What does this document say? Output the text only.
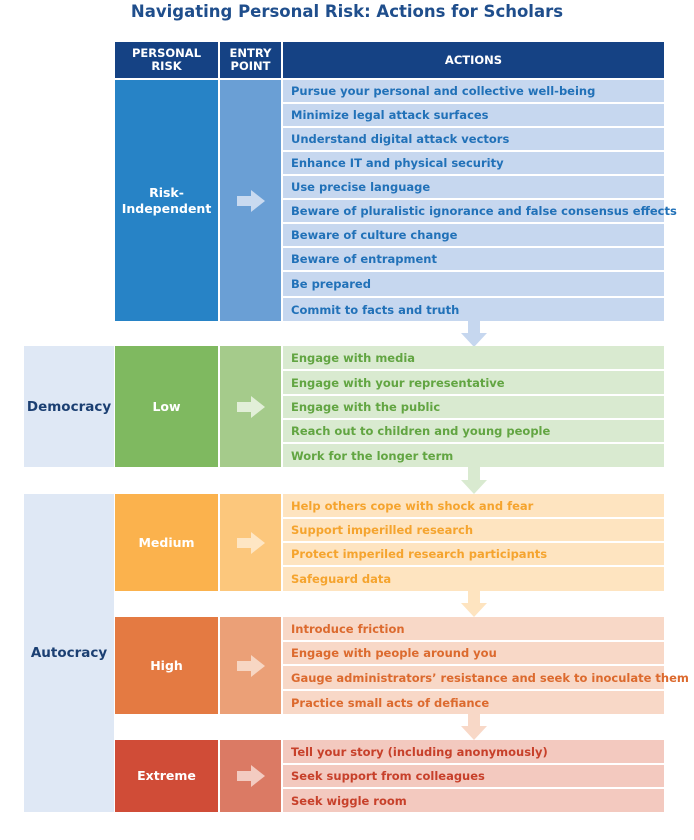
Navigating Personal Risk: Actions for Scholars
PERSONAL RISK
ENTRY POINT	ACTIONS
Democracy
Autocracy
Risk-Independent
Pursue your personal and collective well-being
Minimize legal attack surfaces
Understand digital attack vectors
Enhance IT and physical security
Use precise language
Beware of pluralistic ignorance and false consensus effects
Beware of culture change
Beware of entrapment
Be prepared
Commit to facts and truth
Low
Engage with media
Engage with your representative
Engage with the public
Reach out to children and young people
Work for the longer term
Medium
Help others cope with shock and fear
Support imperilled research
Protect imperiled research participants
Safeguard data
High
Introduce friction
Engage with people around you
Gauge administrators’ resistance and seek to inoculate them
Practice small acts of defiance
Extreme
Tell your story (including anonymously)
Seek support from colleagues
Seek wiggle room
